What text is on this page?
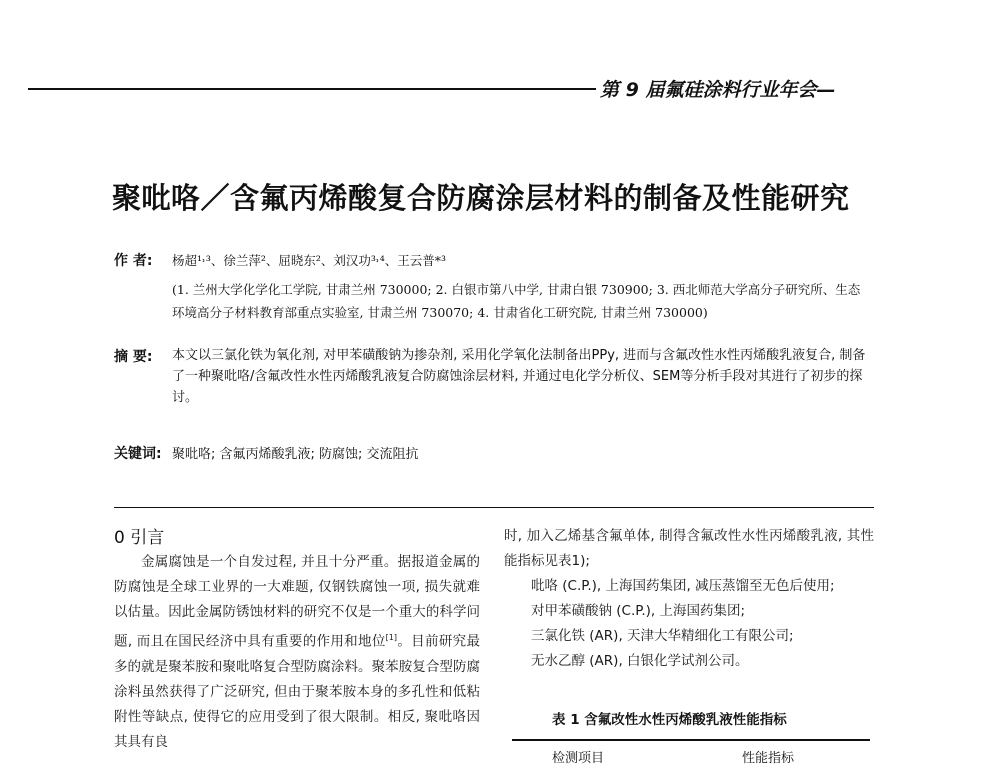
第 9 届氟硅涂料行业年会—
聚吡咯／含氟丙烯酸复合防腐涂层材料的制备及性能研究
作 者: 杨超¹˒³、徐兰萍²、屈晓东²、刘汉功³˒⁴、王云普*³
(1. 兰州大学化学化工学院, 甘肃兰州 730000; 2. 白银市第八中学, 甘肃白银 730900; 3. 西北师范大学高分子研究所、生态环境高分子材料教育部重点实验室, 甘肃兰州 730070; 4. 甘肃省化工研究院, 甘肃兰州 730000)
摘 要: 本文以三氯化铁为氧化剂, 对甲苯磺酸钠为掺杂剂, 采用化学氧化法制备出PPy, 进而与含氟改性水性丙烯酸乳液复合, 制备了一种聚吡咯/含氟改性水性丙烯酸乳液复合防腐蚀涂层材料, 并通过电化学分析仪、SEM等分析手段对其进行了初步的探讨。
关键词: 聚吡咯; 含氟丙烯酸乳液; 防腐蚀; 交流阻抗
0 引言

金属腐蚀是一个自发过程, 并且十分严重。据报道金属的防腐蚀是全球工业界的一大难题, 仅钢铁腐蚀一项, 损失就难以估量。因此金属防锈蚀材料的研究不仅是一个重大的科学问题, 而且在国民经济中具有重要的作用和地位[1]。目前研究最多的就是聚苯胺和聚吡咯复合型防腐涂料。聚苯胺复合型防腐涂料虽然获得了广泛研究, 但由于聚苯胺本身的多孔性和低粘附性等缺点, 使得它的应用受到了很大限制。相反, 聚吡咯因其具有良

时, 加入乙烯基含氟单体, 制得含氟改性水性丙烯酸乳液, 其性能指标见表1);

吡咯 (C.P.), 上海国药集团, 减压蒸馏至无色后使用;

对甲苯磺酸钠 (C.P.), 上海国药集团;

三氯化铁 (AR), 天津大华精细化工有限公司;

无水乙醇 (AR), 白银化学试剂公司。

表 1 含氟改性水性丙烯酸乳液性能指标
检测项目	性能指标
